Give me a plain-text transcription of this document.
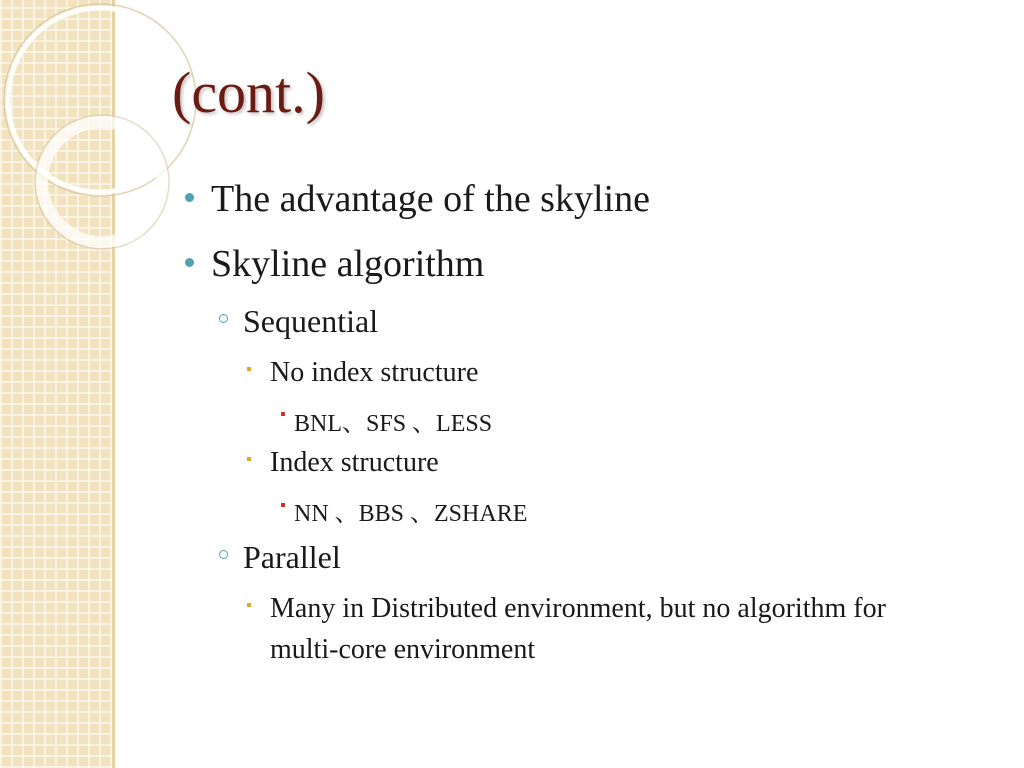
(cont.)
The advantage of the skyline
Skyline algorithm
Sequential
No index structure
BNL、SFS 、LESS
Index structure
NN 、BBS 、ZSHARE
Parallel
Many in Distributed environment, but no algorithm for
multi-core environment
